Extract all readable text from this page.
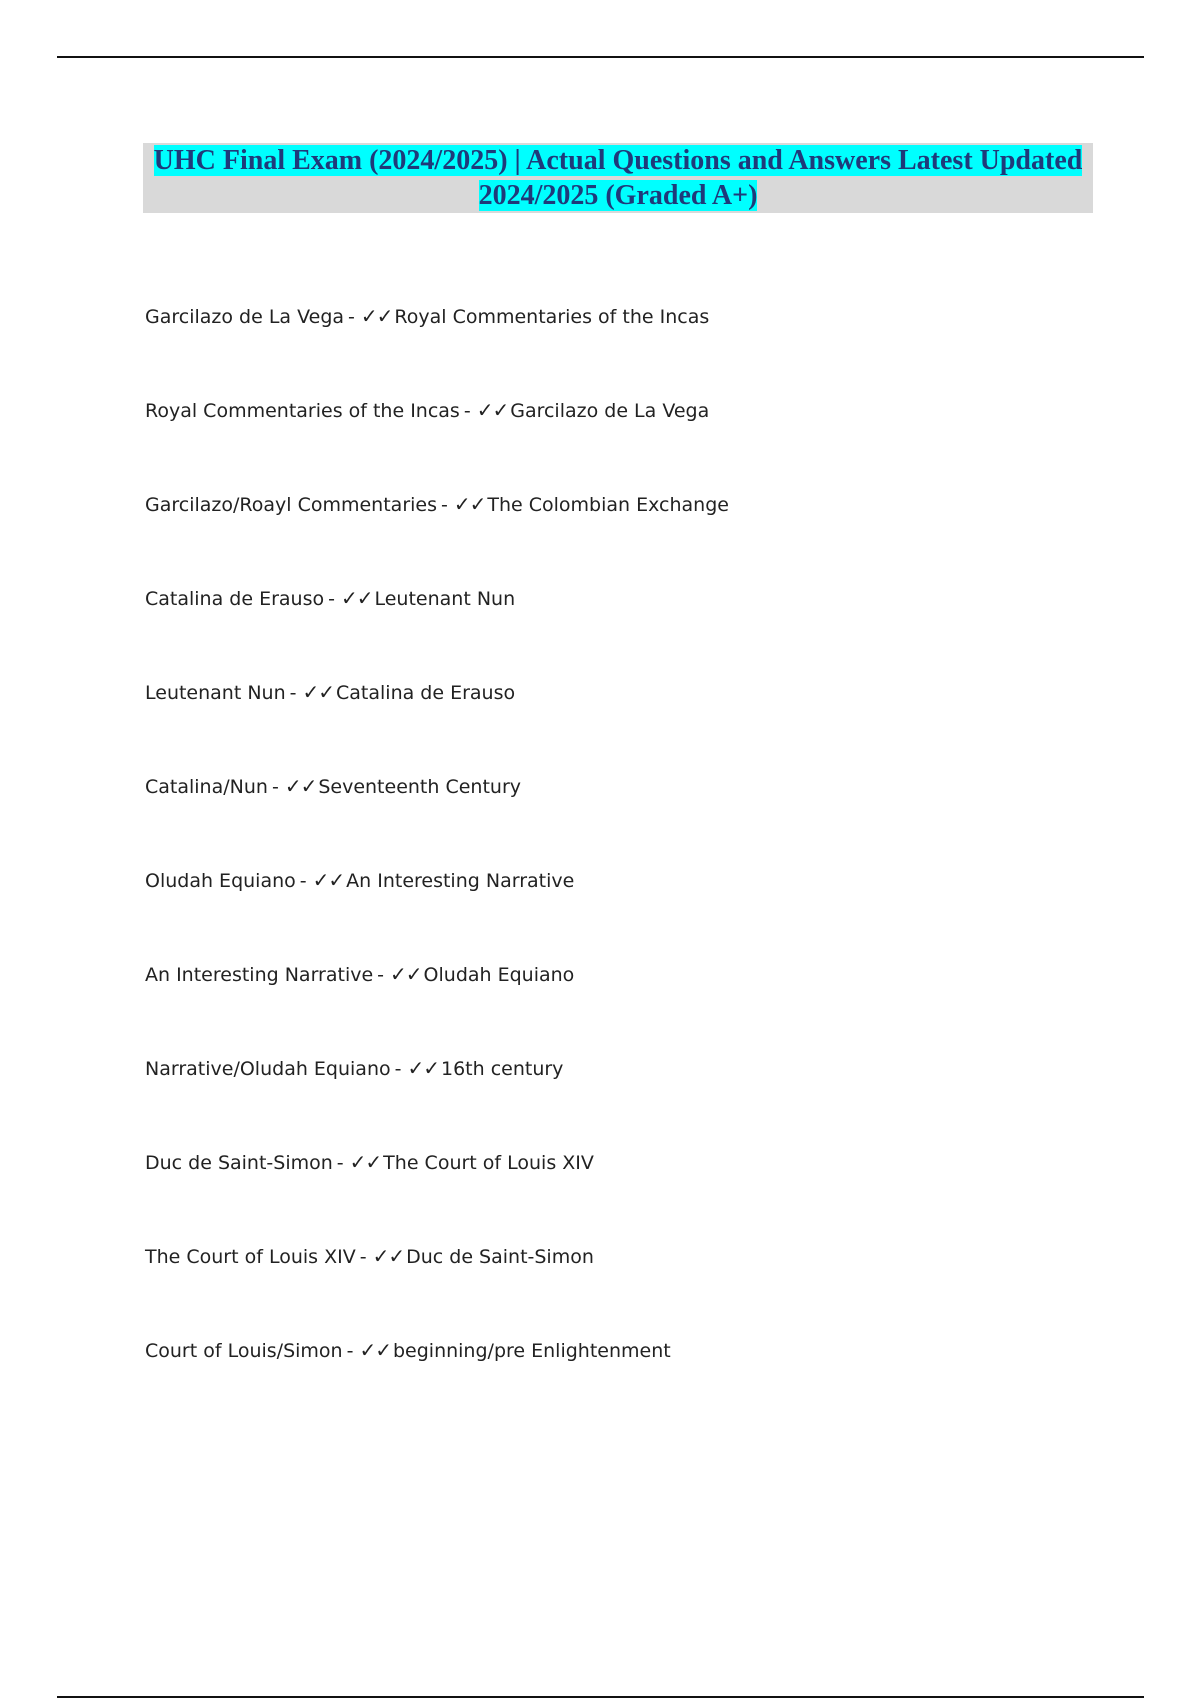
UHC Final Exam (2024/2025) | Actual Questions and Answers Latest Updated
2024/2025 (Graded A+)
Garcilazo de La Vega - ✓✓ Royal Commentaries of the Incas
Royal Commentaries of the Incas - ✓✓ Garcilazo de La Vega
Garcilazo/Roayl Commentaries - ✓✓ The Colombian Exchange
Catalina de Erauso - ✓✓ Leutenant Nun
Leutenant Nun - ✓✓ Catalina de Erauso
Catalina/Nun - ✓✓ Seventeenth Century
Oludah Equiano - ✓✓ An Interesting Narrative
An Interesting Narrative - ✓✓ Oludah Equiano
Narrative/Oludah Equiano - ✓✓ 16th century
Duc de Saint-Simon - ✓✓ The Court of Louis XIV
The Court of Louis XIV - ✓✓ Duc de Saint-Simon
Court of Louis/Simon - ✓✓ beginning/pre Enlightenment
